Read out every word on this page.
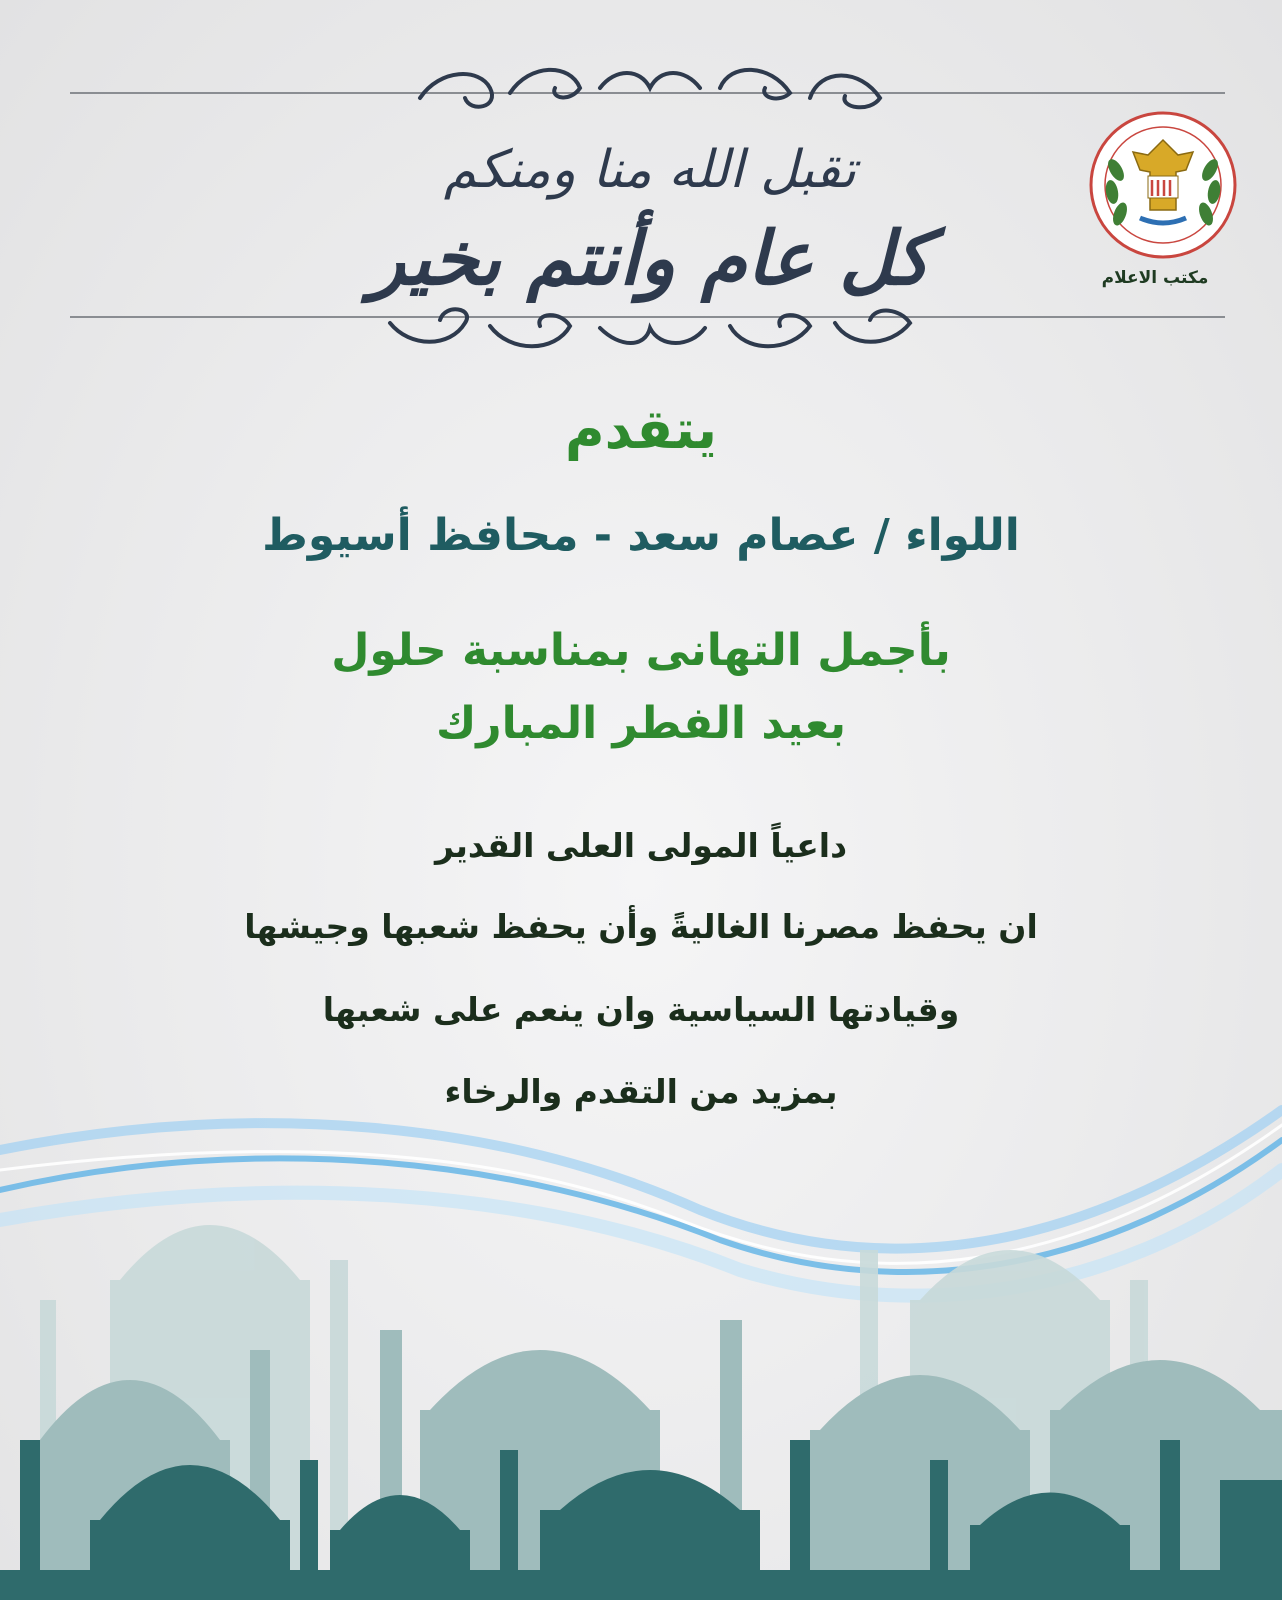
تقبل الله منا ومنكم
كل عام وأنتم بخير	مكتب الاعلام
يتقدم
اللواء / عصام سعد - محافظ أسيوط
بأجمل التهانى بمناسبة حلول
بعيد الفطر المبارك
داعياً المولى العلى القدير
ان يحفظ مصرنا الغاليةً وأن يحفظ شعبها وجيشها
وقيادتها السياسية وان ينعم على شعبها
بمزيد من التقدم والرخاء
